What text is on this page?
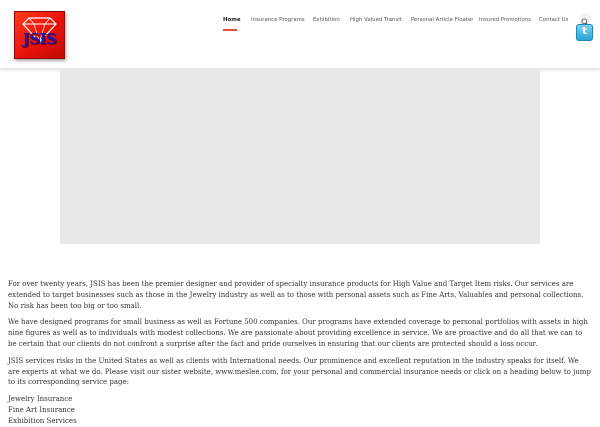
JSIS
Home Insurance Programs Exhibition High Valued Transit Personal Article Floater Insured Promotions Contact Us
t

For over twenty years, JSIS has been the premier designer and provider of specialty insurance products for High Value and Target Item risks. Our services are extended to target businesses such as those in the Jewelry industry as well as to those with personal assets such as Fine Arts, Valuables and personal collections. No risk has been too big or too small.

We have designed programs for small business as well as Fortune 500 companies. Our programs have extended coverage to personal portfolios with assets in high nine figures as well as to individuals with modest collections. We are passionate about providing excellence in service. We are proactive and do all that we can to be certain that our clients do not confront a surprise after the fact and pride ourselves in ensuring that our clients are protected should a loss occur.

JSIS services risks in the United States as well as clients with International needs. Our prominence and excellent reputation in the industry speaks for itself. We are experts at what we do. Please visit our sister website, www.meslee.com, for your personal and commercial insurance needs or click on a heading below to jump to its corresponding service page:

Jewelry Insurance
Fine Art Insurance
Exhibition Services
